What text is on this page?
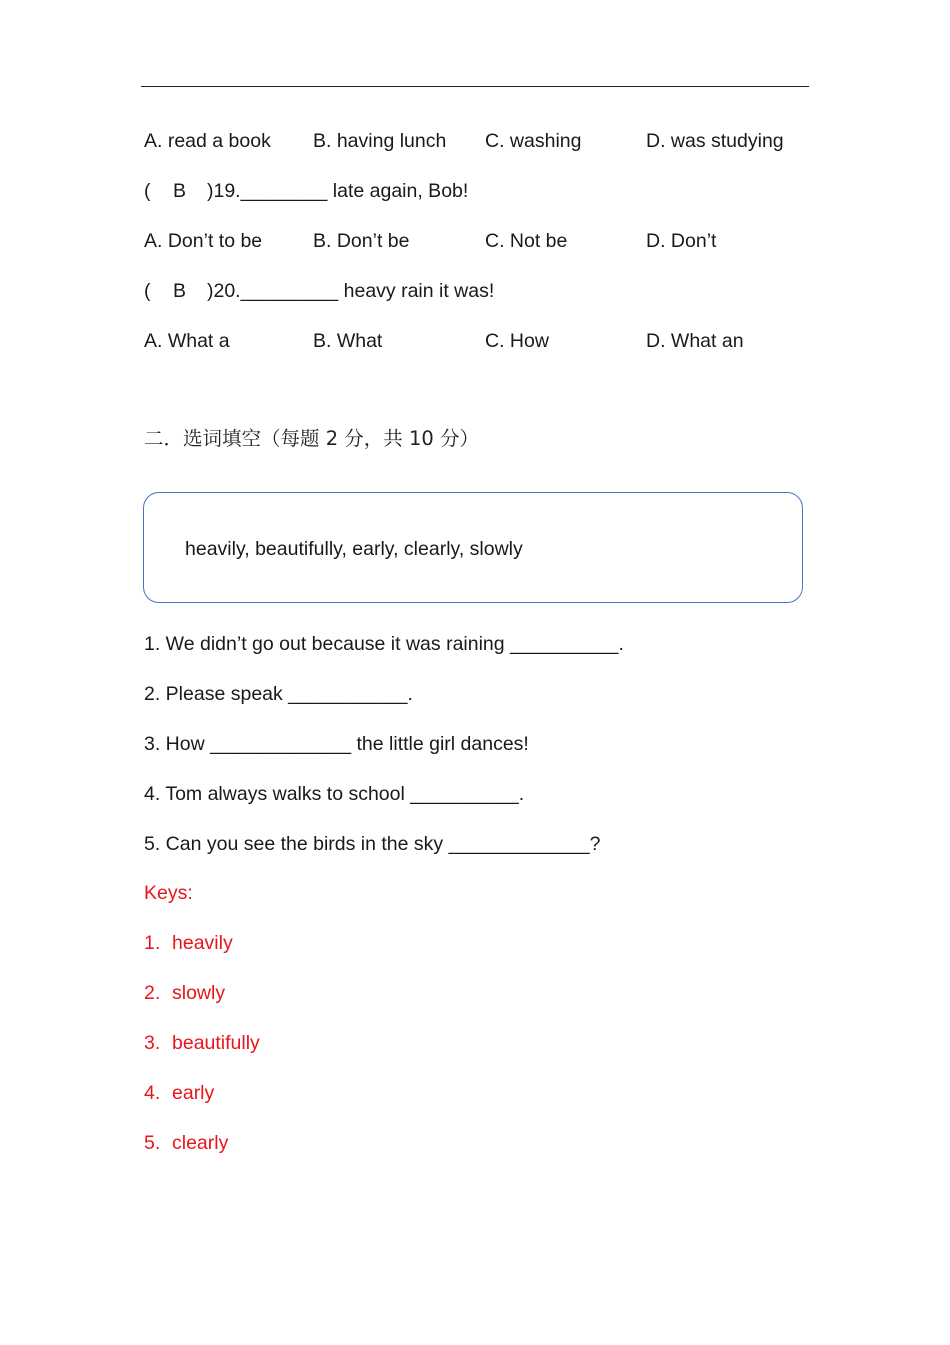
A. read a book B. having lunch C. washing	D. was studying
( B )19.________ late again, Bob!
A. Don’t to be	B. Don’t be	C. Not be	D. Don’t
( B )20._________ heavy rain it was!
A. What a	B. What	C. How	D. What an
二．选词填空（每题 2 分，共 10 分）
heavily, beautifully, early, clearly, slowly
1. We didn’t go out because it was raining __________.
2. Please speak ___________.
3. How _____________ the little girl dances!
4. Tom always walks to school __________.
5. Can you see the birds in the sky _____________?
Keys:
1. heavily
2. slowly
3. beautifully
4. early
5. clearly
